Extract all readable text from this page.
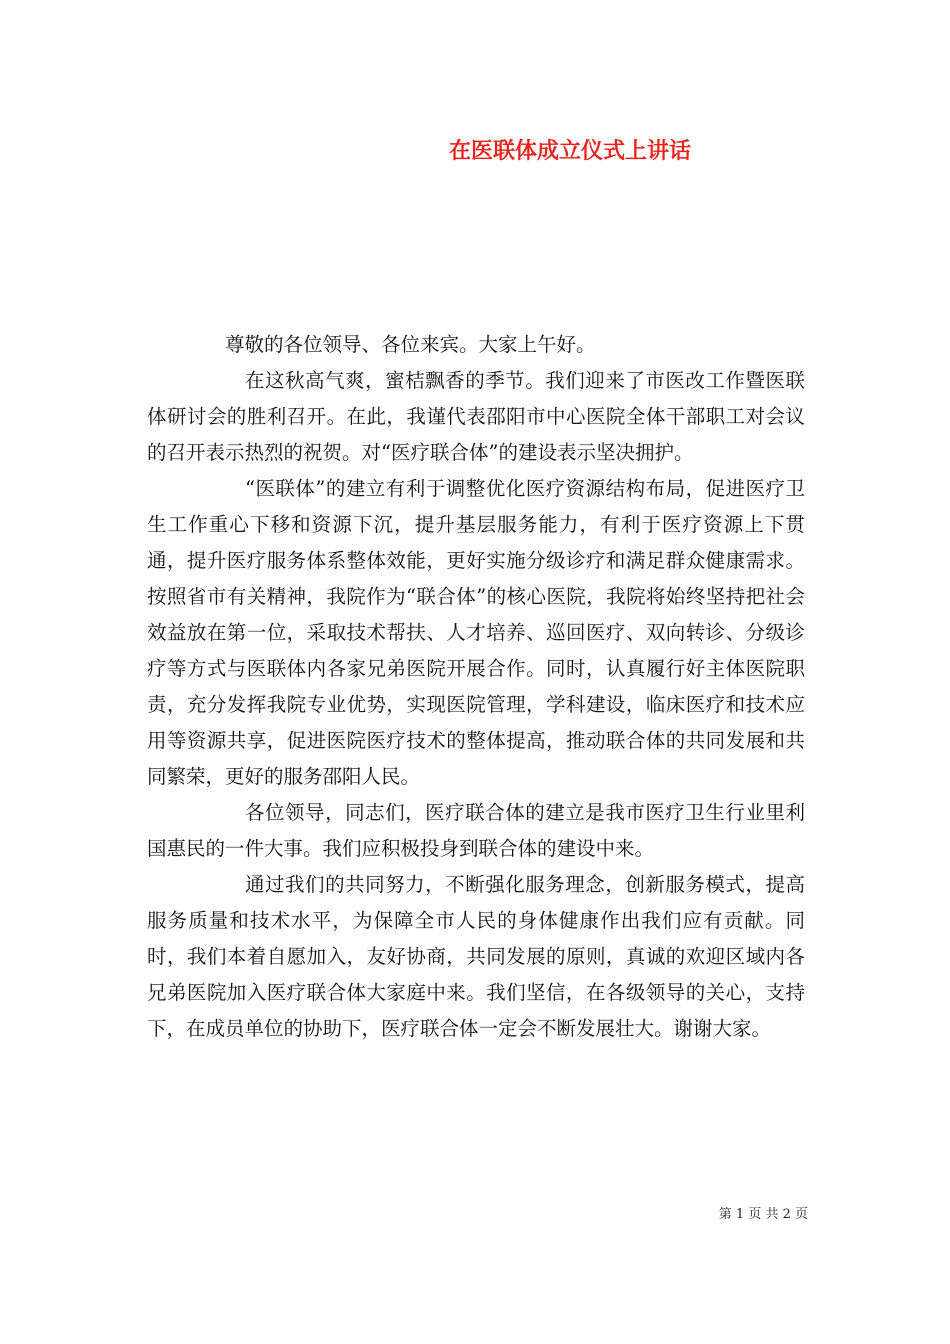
在医联体成立仪式上讲话

尊敬的各位领导、各位来宾。大家上午好。

在这秋高气爽，蜜桔飘香的季节。我们迎来了市医改工作暨医联体研讨会的胜利召开。在此，我谨代表邵阳市中心医院全体干部职工对会议的召开表示热烈的祝贺。对“医疗联合体”的建设表示坚决拥护。

“医联体”的建立有利于调整优化医疗资源结构布局，促进医疗卫生工作重心下移和资源下沉，提升基层服务能力，有利于医疗资源上下贯通，提升医疗服务体系整体效能，更好实施分级诊疗和满足群众健康需求。按照省市有关精神，我院作为“联合体”的核心医院，我院将始终坚持把社会效益放在第一位，采取技术帮扶、人才培养、巡回医疗、双向转诊、分级诊疗等方式与医联体内各家兄弟医院开展合作。同时，认真履行好主体医院职责，充分发挥我院专业优势，实现医院管理，学科建设，临床医疗和技术应用等资源共享，促进医院医疗技术的整体提高，推动联合体的共同发展和共同繁荣，更好的服务邵阳人民。

各位领导，同志们，医疗联合体的建立是我市医疗卫生行业里利国惠民的一件大事。我们应积极投身到联合体的建设中来。

通过我们的共同努力，不断强化服务理念，创新服务模式，提高服务质量和技术水平，为保障全市人民的身体健康作出我们应有贡献。同时，我们本着自愿加入，友好协商，共同发展的原则，真诚的欢迎区域内各兄弟医院加入医疗联合体大家庭中来。我们坚信，在各级领导的关心，支持下，在成员单位的协助下，医疗联合体一定会不断发展壮大。谢谢大家。

第 1 页 共 2 页
